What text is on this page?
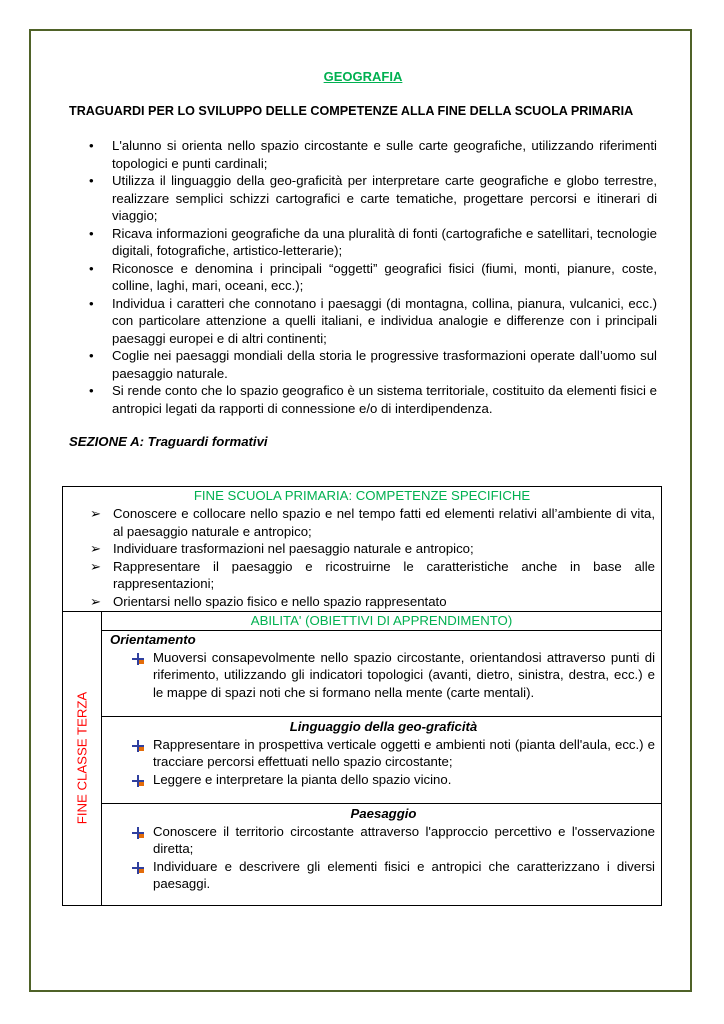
GEOGRAFIA
TRAGUARDI PER LO SVILUPPO DELLE COMPETENZE ALLA FINE DELLA SCUOLA PRIMARIA
• L'alunno si orienta nello spazio circostante e sulle carte geografiche, utilizzando riferimenti topologici e punti cardinali;
• Utilizza il linguaggio della geo-graficità per interpretare carte geografiche e globo terrestre, realizzare semplici schizzi cartografici e carte tematiche, progettare percorsi e itinerari di viaggio;
• Ricava informazioni geografiche da una pluralità di fonti (cartografiche e satellitari, tecnologie digitali, fotografiche, artistico-letterarie);
• Riconosce e denomina i principali “oggetti” geografici fisici (fiumi, monti, pianure, coste, colline, laghi, mari, oceani, ecc.);
• Individua i caratteri che connotano i paesaggi (di montagna, collina, pianura, vulcanici, ecc.) con particolare attenzione a quelli italiani, e individua analogie e differenze con i principali paesaggi europei e di altri continenti;
• Coglie nei paesaggi mondiali della storia le progressive trasformazioni operate dall’uomo sul paesaggio naturale.
• Si rende conto che lo spazio geografico è un sistema territoriale, costituito da elementi fisici e antropici legati da rapporti di connessione e/o di interdipendenza.
SEZIONE A: Traguardi formativi
FINE SCUOLA PRIMARIA: COMPETENZE SPECIFICHE
➢ Conoscere e collocare nello spazio e nel tempo fatti ed elementi relativi all’ambiente di vita, al paesaggio naturale e antropico;
➢ Individuare trasformazioni nel paesaggio naturale e antropico;
➢ Rappresentare il paesaggio e ricostruirne le caratteristiche anche in base alle rappresentazioni;
➢ Orientarsi nello spazio fisico e nello spazio rappresentato
FINE CLASSE TERZA
ABILITA' (OBIETTIVI DI APPRENDIMENTO)
Orientamento
Muoversi consapevolmente nello spazio circostante, orientandosi attraverso punti di riferimento, utilizzando gli indicatori topologici (avanti, dietro, sinistra, destra, ecc.) e le mappe di spazi noti che si formano nella mente (carte mentali).
Linguaggio della geo-graficità
Rappresentare in prospettiva verticale oggetti e ambienti noti (pianta dell'aula, ecc.) e tracciare percorsi effettuati nello spazio circostante;
Leggere e interpretare la pianta dello spazio vicino.
Paesaggio
Conoscere il territorio circostante attraverso l'approccio percettivo e l'osservazione diretta;
Individuare e descrivere gli elementi fisici e antropici che caratterizzano i diversi paesaggi.
